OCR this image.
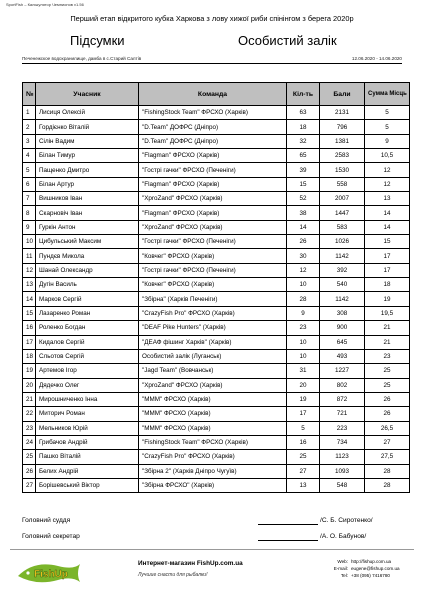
SportFish – Калькулятор Чемпионов v1.56
Перший етап відкритого кубка Харкова з лову хижої риби спінінгом з берега 2020р
Підсумки	Особистий залік
Печенежское водохранилище, дамба в с.Старий Салтів	12.06.2020 - 14.06.2020
№	Учасник	Команда	Кіл-ть	Бали	Сумма Місць
1	Лисиця Олексій	"FishingStock Team" ФРСХО (Харків)	63	2131	5
2	Гордієнко Віталій	"D.Team" ДОФРС (Дніпро)	18	796	5
3	Сілін Вадим	"D.Team" ДОФРС (Дніпро)	32	1381	9
4	Білан Тимур	"Flagman" ФРСХО (Харків)	65	2583	10,5
5	Пащенко Дмитро	"Гострі гачки" ФРСХО (Печеніги)	39	1530	12
6	Білан Артур	"Flagman" ФРСХО (Харків)	15	558	12
7	Вишников Іван	"XproZand" ФРСХО (Харків)	52	2007	13
8	Скарновіч Іван	"Flagman" ФРСХО (Харків)	38	1447	14
9	Гуркін Антон	"XproZand" ФРСХО (Харків)	14	583	14
10	Цибульський Максим	"Гострі гачки" ФРСХО (Печеніги)	26	1026	15
11	Пундєв Микола	"Ковчег" ФРСХО (Харків)	30	1142	17
12	Шанай Олександр	"Гострі гачки" ФРСХО (Печеніги)	12	392	17
13	Дугін Василь	"Ковчег" ФРСХО (Харків)	10	540	18
14	Марков Сергій	"Збірна" (Харків Печеніги)	28	1142	19
15	Лазаренко Роман	"CrazyFish Pro" ФРСХО (Харків)	9	308	19,5
16	Роленко Богдан	"DEAF Pike Hunters" (Харків)	23	900	21
17	Кидалов Сергій	"ДЕАФ фішинг Харків" (Харків)	10	645	21
18	Сльотов Сергій	Особистий залік (Луганськ)	10	493	23
19	Артемов Ігор	"Jagd Team" (Вовчанськ)	31	1227	25
20	Дядечко Олег	"XproZand" ФРСХО (Харків)	20	802	25
21	Мирошниченко Інна	"МММ" ФРСХО (Харків)	19	872	26
22	Миторич Роман	"МММ" ФРСХО (Харків)	17	721	26
23	Мельников Юрій	"МММ" ФРСХО (Харків)	5	223	26,5
24	Грибачов Андрій	"FishingStock Team" ФРСХО (Харків)	16	734	27
25	Пашко Віталій	"CrazyFish Pro" ФРСХО (Харків)	25	1123	27,5
26	Белих Андрій	"Збірна 2" (Харків Дніпро Чугуїв)	27	1093	28
27	Борішевський Віктор	"Збірна ФРСХО" (Харків)	13	548	28
Головний суддя	/С. Б. Сиротенко/
Головний секретар	/А. О. Бабунов/
FishUp
Интернет-магазин FishUp.com.ua
Лучшие снасти для рыбалки!
Web: http://fishup.com.ua
E-mail: eugene@fishup.com.ua
Tel: +38 (095) 7416780
